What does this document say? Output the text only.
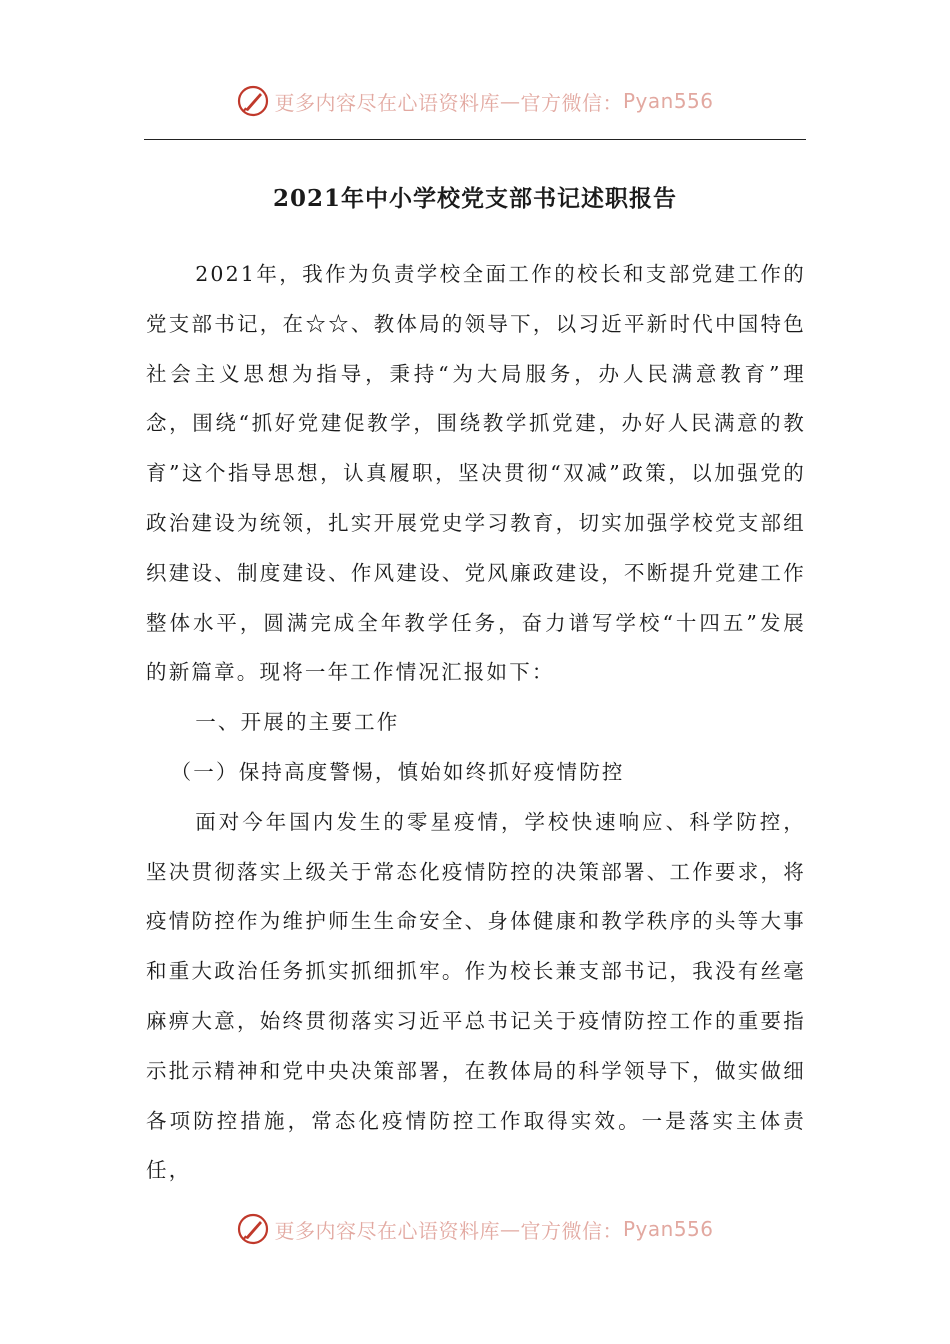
更多内容尽在心语资料库 — 官方微信： Pyan556
2021年中小学校党支部书记述职报告

2021年，我作为负责学校全面工作的校长和支部党建工作的党支部书记，在☆☆、教体局的领导下，以习近平新时代中国特色社会主义思想为指导，秉持“为大局服务，办人民满意教育”理念，围绕“抓好党建促教学，围绕教学抓党建，办好人民满意的教育”这个指导思想，认真履职，坚决贯彻“双减”政策，以加强党的政治建设为统领，扎实开展党史学习教育，切实加强学校党支部组织建设、制度建设、作风建设、党风廉政建设，不断提升党建工作整体水平，圆满完成全年教学任务，奋力谱写学校“十四五”发展的新篇章。现将一年工作情况汇报如下：

一、开展的主要工作

（一）保持高度警惕，慎始如终抓好疫情防控

面对今年国内发生的零星疫情，学校快速响应、科学防控，坚决贯彻落实上级关于常态化疫情防控的决策部署、工作要求，将疫情防控作为维护师生生命安全、身体健康和教学秩序的头等大事和重大政治任务抓实抓细抓牢。作为校长兼支部书记，我没有丝毫麻痹大意，始终贯彻落实习近平总书记关于疫情防控工作的重要指示批示精神和党中央决策部署，在教体局的科学领导下，做实做细各项防控措施，常态化疫情防控工作取得实效。一是落实主体责任，

更多内容尽在心语资料库 — 官方微信： Pyan556
